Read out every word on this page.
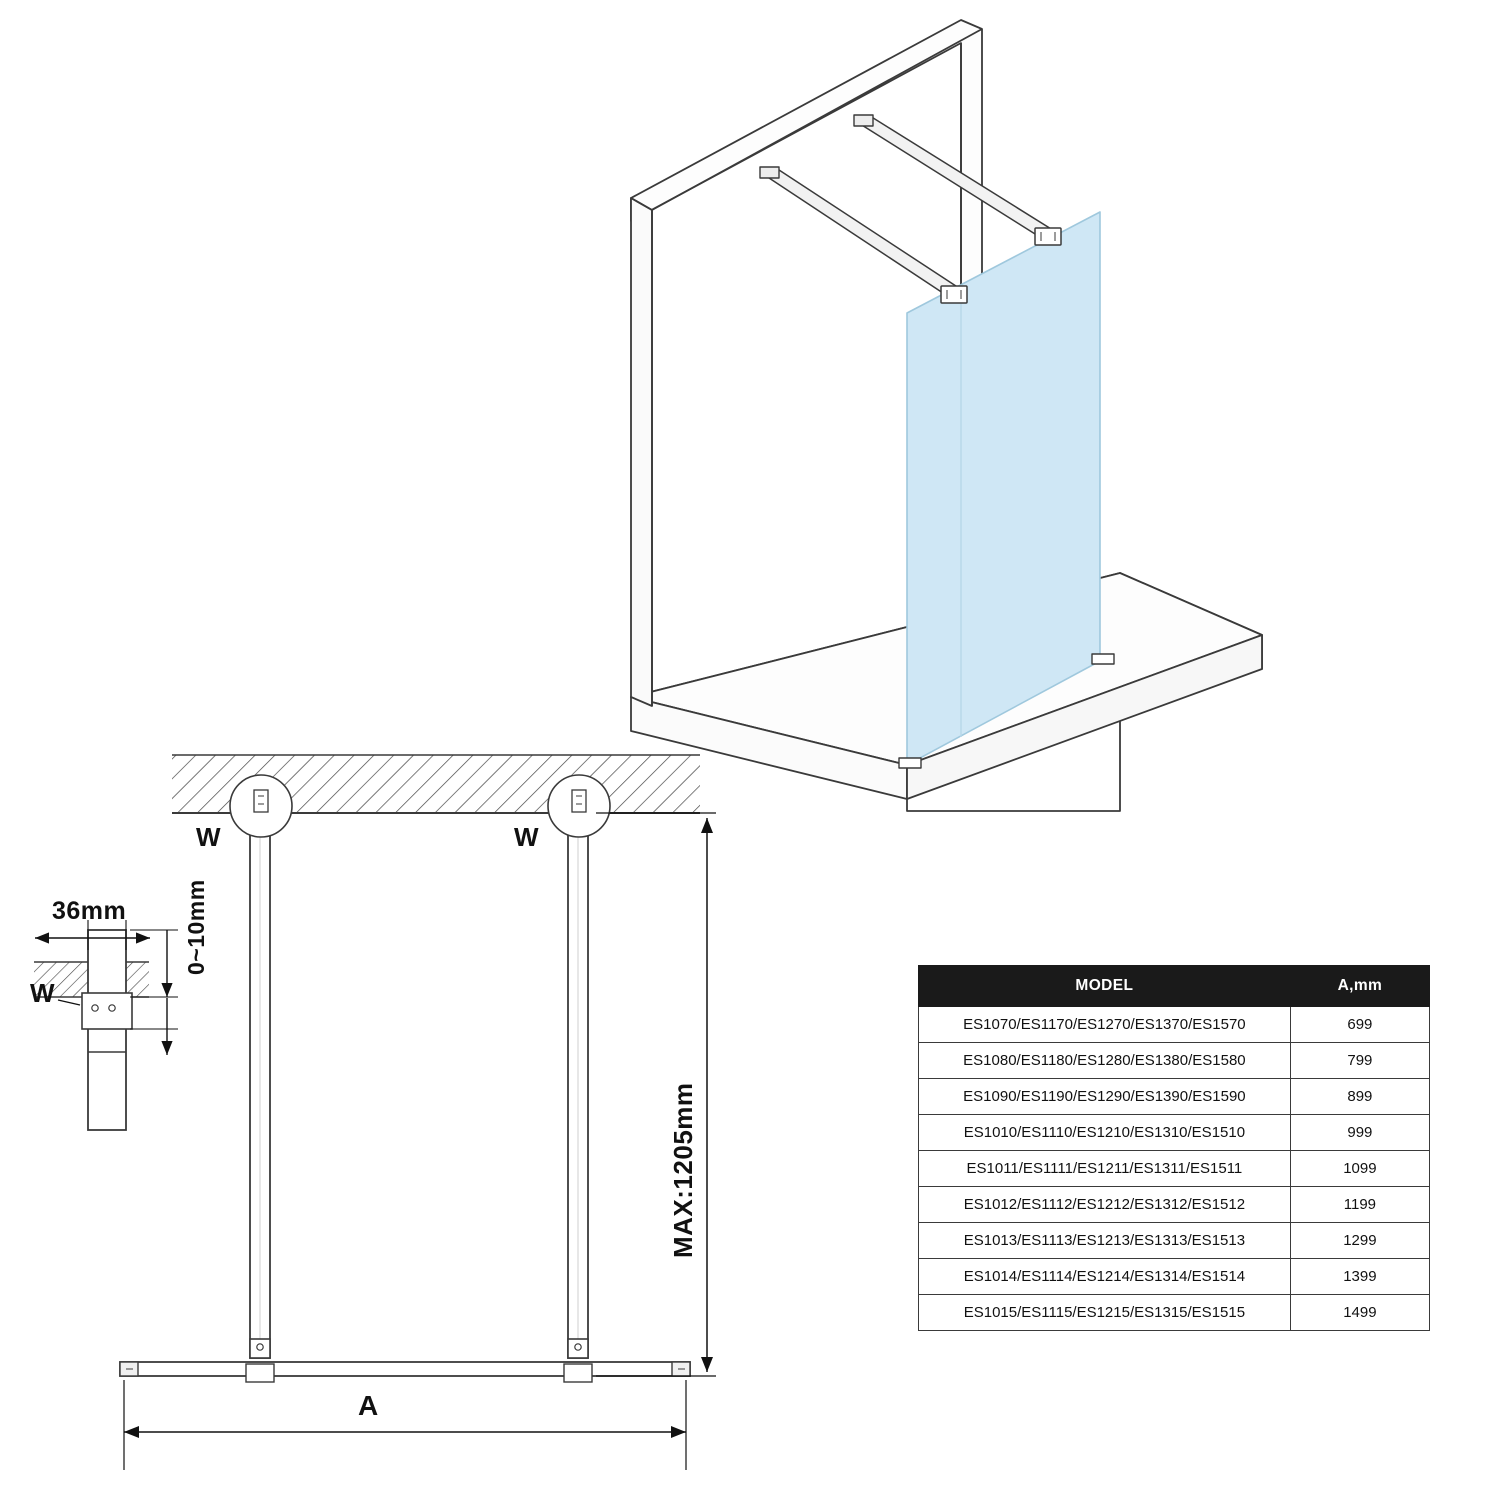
36mm 0~10mm
MAX:1205mm
A
W	W
W	MODEL	A,mm
ES1070/ES1170/ES1270/ES1370/ES1570	699
ES1080/ES1180/ES1280/ES1380/ES1580	799
ES1090/ES1190/ES1290/ES1390/ES1590	899
ES1010/ES1110/ES1210/ES1310/ES1510	999
ES1011/ES1111/ES1211/ES1311/ES1511	1099
ES1012/ES1112/ES1212/ES1312/ES1512	1199
ES1013/ES1113/ES1213/ES1313/ES1513	1299
ES1014/ES1114/ES1214/ES1314/ES1514	1399
ES1015/ES1115/ES1215/ES1315/ES1515	1499
